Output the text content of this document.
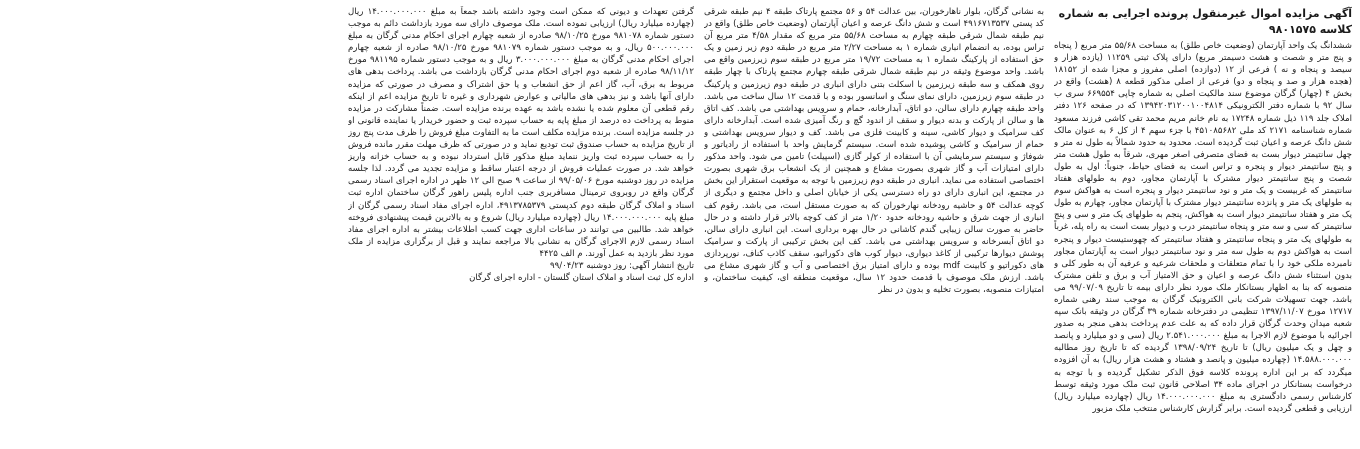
آگهی مزایده اموال غیرمنقول پرونده اجرایی به شماره کلاسه ۹۸۰۱۵۷۵
ششدانگ یک واحد آپارتمان (وضعیت خاص طلق) به مساحت ۵۵/۶۸ متر مربع ( پنجاه و پنج متر و شصت و هشت دسیمتر مربع) دارای پلاک ثبتی ۱۱۲۵۹ (یازده هزار و سیصد و پنجاه و نه ) فرعی از ۱۲ (دوازده) اصلی مفروز و مجزا شده از ۱۸۱۵۲ (هجده هزار و صد و پنجاه و دو) فرعی از اصلی مذکور قطعه ۸ (هشت) واقع در بخش ۴ (چهار) گرگان موضوع سند مالکیت اصلی به شماره چاپی ۶۶۹۵۵۴ سری ب سال ۹۲ با شماره دفتر الکترونیکی ۱۳۹۴۲۰۳۱۲۰۰۱۰۰۴۸۱۴ که در صفحه ۱۲۶ دفتر املاک جلد ۱۱۹ ذیل شماره ۱۷۲۴۸ به نام خانم مریم محمد تقی کاشی فرزند مسعود شماره شناسنامه ۲۱۷۱ کد ملی ۴۵۱۰۸۵۶۸۲ با جزء سهم ۴ از کل ۶ به عنوان مالک شش دانگ عرصه و اعیان ثبت گردیده است. محدود به حدود شمالاً به طول نه متر و چهل سانتیمتر دیوار بست به فضای متصرفی اصغر مهری، شرقاً به طول هشت متر و پنج سانتیمتر دیوار و پنجره و تراس است به فضای حیاط، جنوباً: اول به طول شصت و پنج سانتیمتر دیوار مشترک با آپارتمان مجاور، دوم به طولهای هفتاد سانتیمتر که غربیست و یک متر و نود سانتیمتر دیوار و پنجره است به هواکش سوم به طولهای یک متر و پانزده سانتیمتر دیوار مشترک با آپارتمان مجاور، چهارم به طول یک متر و هفتاد سانتیمتر دیوار است به هواکش، پنجم به طولهای یک متر و سی و پنج سانتیمتر که سی و سه متر و پنجاه سانتیمتر درب و دیوار بست است به راه پله، غرباً به طولهای یک متر و پنجاه سانتیمتر و هفتاد سانتیمتر که چهوستیست دیوار و پنجره است به هواکش دوم به طول سه متر و نود سانتیمتر دیوار است به آپارتمان مجاور نامبرده ملکی خود را با تمام متعلقات و ملحقات شرعیه و عرفیه آن به طور کلی و بدون استثناء شش دانگ عرصه و اعیان و حق الامتیاز آب و برق و تلفن مشترک منصوبه که بنا به اظهار بستانکار ملک مورد نظر دارای بیمه تا تاریخ ۹۹/۰۷/۰۹ می باشد، جهت تسهیلات شرکت بانی الکترونیک گرگان به موجب سند رهنی شماره ۱۲۷۱۷ مورخ ۱۳۹۷/۱۱/۰۷ تنظیمی در دفترخانه شماره ۳۹ گرگان در وثیقه بانک سپه شعبه میدان وحدت گرگان قرار داده که به علت عدم پرداخت بدهی منجر به صدور اجرائیه با موضوع لازم الاجرا به مبلغ ۲.۵۴۱.۰۰۰.۰۰۰ ریال (سی و دو میلیارد و پانصد و چهل و یک میلیون ریال) تا تاریخ ۱۳۹۸/۰۹/۲۴ گردیده که تا تاریخ روز مطالبه ۱۴.۵۸۸.۰۰۰.۰۰۰ (چهارده میلیون و پانصد و هشتاد و هشت هزار ریال) به آن افزوده میگردد که بر این اداره پرونده کلاسه فوق الذکر تشکیل گردیده و با توجه به درخواست بستانکار در اجرای ماده ۳۴ اصلاحی قانون ثبت ملک مورد وثیقه توسط کارشناس رسمی دادگستری به مبلغ ۱۴.۰۰۰.۰۰۰.۰۰۰ ریال (چهارده میلیارد ریال) ارزیابی و قطعی گردیده است. برابر گزارش کارشناس منتخب ملک مزبور
به نشانی گرگان، بلوار ناهارخوران، بین عدالت ۵۴ و ۵۶ مجتمع پارتاک طبقه ۴ نیم طبقه شرقی کد پستی ۴۹۱۶۷۱۳۵۳۷ است و شش دانگ عرصه و اعیان آپارتمان (وضعیت خاص طلق) واقع در نیم طبقه شمال شرقی طبقه چهارم به مساحت ۵۵/۶۸ متر مربع که مقدار ۴/۵۸ متر مربع آن تراس بوده، به انضمام انباری شماره ۱ به مساحت ۲/۲۷ متر مربع در طبقه دوم زیر زمین و یک حق استفاده از پارکینگ شماره ۱ به مساحت ۱۹/۷۲ متر مربع در طبقه سوم زیرزمین واقع می باشد. واحد موضوع وثیقه در نیم طبقه شمال شرقی طبقه چهارم مجتمع پارتاک با چهار طبقه روی همکف و سه طبقه زیرزمین با اسکلت بتنی دارای انباری در طبقه دوم زیرزمین و پارکینگ در طبقه سوم زیرزمین، دارای نمای سنگ و اسانسور بوده و با قدمت ۱۲ سال ساخت می باشد. واحد طبقه چهارم دارای سالن، دو اتاق، آبدارخانه، حمام و سرویس بهداشتی می باشد. کف اتاق ها و سالن از پارکت و بدنه دیوار و سقف از اندود گچ و رنگ آمیزی شده است. آبدارخانه دارای کف سرامیک و دیوار کاشی، سینه و کابینت فلزی می باشد. کف و دیوار سرویس بهداشتی و حمام از سرامیک و کاشی پوشیده شده است. سیستم گرمایش واحد با استفاده از رادیاتور و شوفاژ و سیستم سرمایشی آن با استفاده از کولر گازی (اسپیلت) تامین می شود. واحد مذکور دارای امتیازات آب و گاز شهری بصورت مشاع و همچنین از یک انشعاب برق شهری بصورت اختصاصی استفاده می نماید. انباری در طبقه دوم زیرزمین با توجه به موقعیت استقرار این بخش در مجتمع، این انباری دارای دو راه دسترسی یکی از خیابان اصلی و داخل مجتمع و دیگری از کوچه عدالت ۵۴ و حاشیه رودخانه نهارخوران که به صورت مستقل است، می باشد. رقوم کف انباری از جهت شرق و حاشیه رودخانه حدود ۱/۲۰ متر از کف کوچه بالاتر قرار داشته و در حال حاضر به صورت سالن زیبایی گندم کاشانی در حال بهره برداری است. این انباری دارای سالن، دو اتاق آبسرخانه و سرویس بهداشتی می باشد. کف این بخش ترکیبی از پارکت و سرامیک پوشش دیوارها ترکیبی از کاغذ دیواری، دیوار کوب های دکوراتیو، سقف کاذب کناف، نورپردازی های دکوراتیو و کابینت mdf بوده و دارای امتیاز برق اختصاصی و آب و گاز شهری مشاع می باشد. ارزش ملک موصوف با قدمت حدود ۱۲ سال، موقعیت منطقه ای، کیفیت ساختمان، و امتیازات منصوبه، بصورت تخلیه و بدون در نظر
گرفتن تعهدات و دیونی که ممکن است وجود داشته باشد جمعاً به مبلغ ۱۴.۰۰۰.۰۰۰.۰۰۰ ریال (چهارده میلیارد ریال) ارزیابی نموده است. ملک موصوف دارای سه مورد بازداشت دائم به موجب دستور شماره ۹۸۱۰۷۸ مورخ ۹۸/۱۰/۲۵ صادره از شعبه چهارم اجرای احکام مدنی گرگان به مبلغ ۵۰۰.۰۰۰.۰۰۰ ریال، و به موجب دستور شماره ۹۸۱۰۷۹ مورخ ۹۸/۱۰/۲۵ صادره از شعبه چهارم اجرای احکام مدنی گرگان به مبلغ ۳.۰۰۰.۰۰۰.۰۰۰ ریال و به موجب دستور شماره ۹۸۱۱۹۵ مورخ ۹۸/۱۱/۱۲ صادره از شعبه دوم اجرای احکام مدنی گرگان بازداشت می باشد. پرداخت بدهی های مربوط به برق، آب، گاز اعم از حق انشعاب و یا حق اشتراک و مصرف در صورتی که مزایده دارای آنها باشد و نیز بدهی های مالیاتی و عوارض شهرداری و غیره تا تاریخ مزایده اعم از اینکه رقم قطعی آن معلوم شده یا نشده باشد به عهده برنده مزایده است. ضمناً مشارکت در مزایده منوط به پرداخت ده درصد از مبلغ پایه به حساب سپرده ثبت و حضور خریدار یا نماینده قانونی او در جلسه مزایده است. برنده مزایده مکلف است ما به التفاوت مبلغ فروش را ظرف مدت پنج روز از تاریخ مزایده به حساب صندوق ثبت تودیع نماید و در صورتی که ظرف مهلت مقرر مانده فروش را به حساب سپرده ثبت واریز ننماید مبلغ مذکور قابل استرداد نبوده و به حساب خزانه واریز خواهد شد. در صورت عملیات فروش از درجه اعتبار ساقط و مزایده تجدید می گردد. لذا جلسه مزایده در روز دوشنبه مورخ ۹۹/۰۵/۰۶ از ساعت ۹ صبح الی ۱۲ ظهر در اداره اجرای اسناد رسمی گرگان واقع در روبروی ترمینال مسافربری جنب اداره پلیس راهور گرگان ساختمان اداره ثبت اسناد و املاک گرگان طبقه دوم کدپستی ۴۹۱۳۷۸۵۳۷۹، اداره اجرای مفاد اسناد رسمی گرگان از مبلغ پایه ۱۴.۰۰۰.۰۰۰.۰۰۰ ریال (چهارده میلیارد ریال) شروع و به بالاترین قیمت پیشنهادی فروخته خواهد شد. طالبین می توانند در ساعات اداری جهت کسب اطلاعات بیشتر به اداره اجرای مفاد اسناد رسمی لازم الاجرای گرگان به نشانی بالا مراجعه نمایند و قبل از برگزاری مزایده از ملک مورد نظر بازدید به عمل آورند. م الف ۴۴۲۵
تاریخ انتشار آگهی: روز دوشنبه ۹۹/۰۴/۲۳
اداره کل ثبت اسناد و املاک استان گلستان - اداره اجرای گرگان
